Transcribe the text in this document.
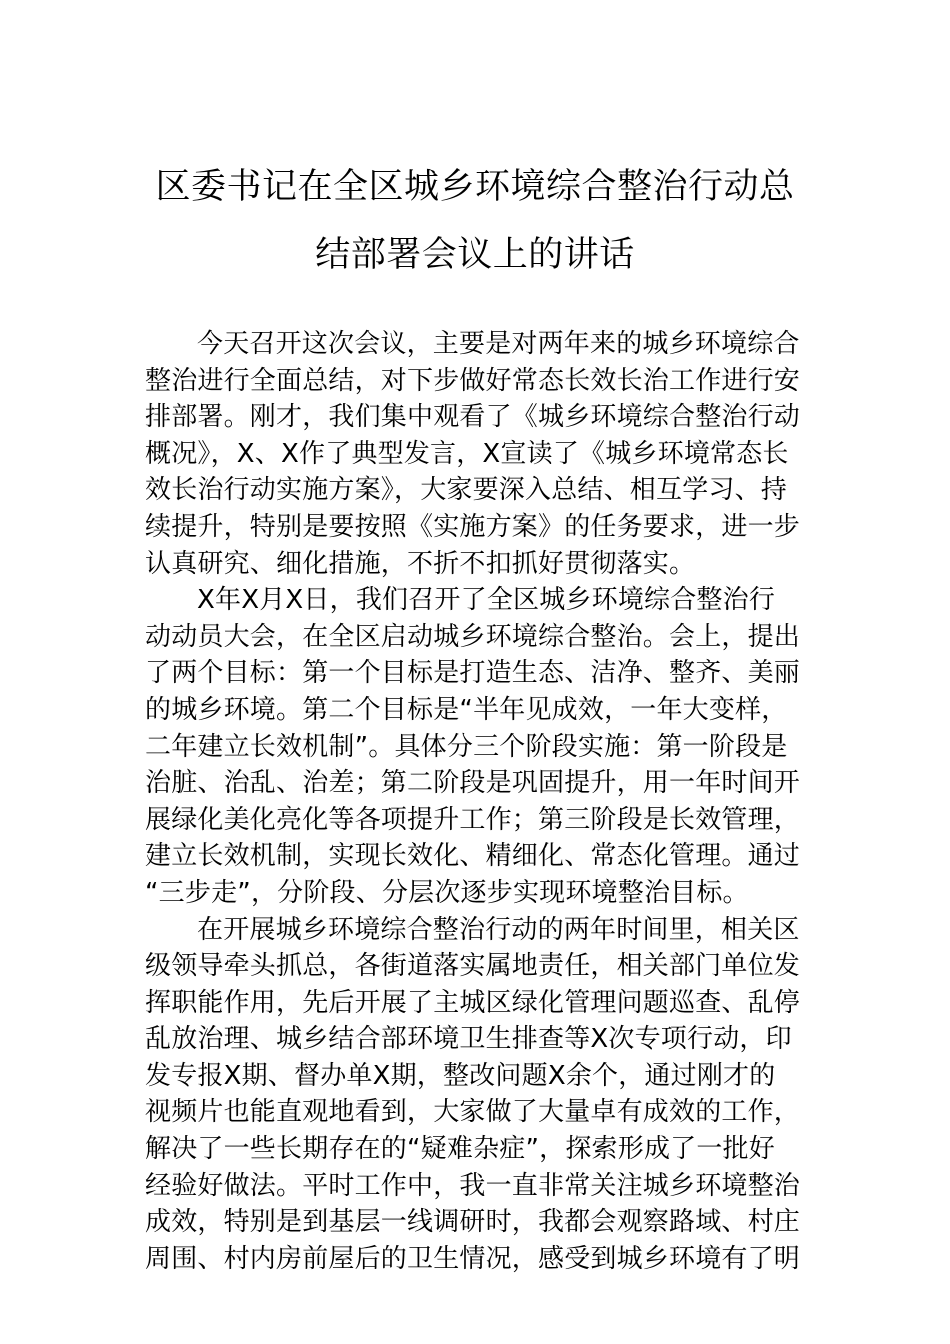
区委书记在全区城乡环境综合整治行动总
结部署会议上的讲话
今天召开这次会议，主要是对两年来的城乡环境综合
整治进行全面总结，对下步做好常态长效长治工作进行安
排部署。刚才，我们集中观看了《城乡环境综合整治行动
概况》，X、X作了典型发言，X宣读了《城乡环境常态长
效长治行动实施方案》，大家要深入总结、相互学习、持
续提升，特别是要按照《实施方案》的任务要求，进一步
认真研究、细化措施，不折不扣抓好贯彻落实。
X年X月X日，我们召开了全区城乡环境综合整治行
动动员大会，在全区启动城乡环境综合整治。会上，提出
了两个目标：第一个目标是打造生态、洁净、整齐、美丽
的城乡环境。第二个目标是“半年见成效，一年大变样，
二年建立长效机制”。具体分三个阶段实施：第一阶段是
治脏、治乱、治差；第二阶段是巩固提升，用一年时间开
展绿化美化亮化等各项提升工作；第三阶段是长效管理，
建立长效机制，实现长效化、精细化、常态化管理。通过
“三步走”，分阶段、分层次逐步实现环境整治目标。
在开展城乡环境综合整治行动的两年时间里，相关区
级领导牵头抓总，各街道落实属地责任，相关部门单位发
挥职能作用，先后开展了主城区绿化管理问题巡查、乱停
乱放治理、城乡结合部环境卫生排查等X次专项行动，印
发专报X期、督办单X期，整改问题X余个，通过刚才的
视频片也能直观地看到，大家做了大量卓有成效的工作，
解决了一些长期存在的“疑难杂症”，探索形成了一批好
经验好做法。平时工作中，我一直非常关注城乡环境整治
成效，特别是到基层一线调研时，我都会观察路域、村庄
周围、村内房前屋后的卫生情况，感受到城乡环境有了明
